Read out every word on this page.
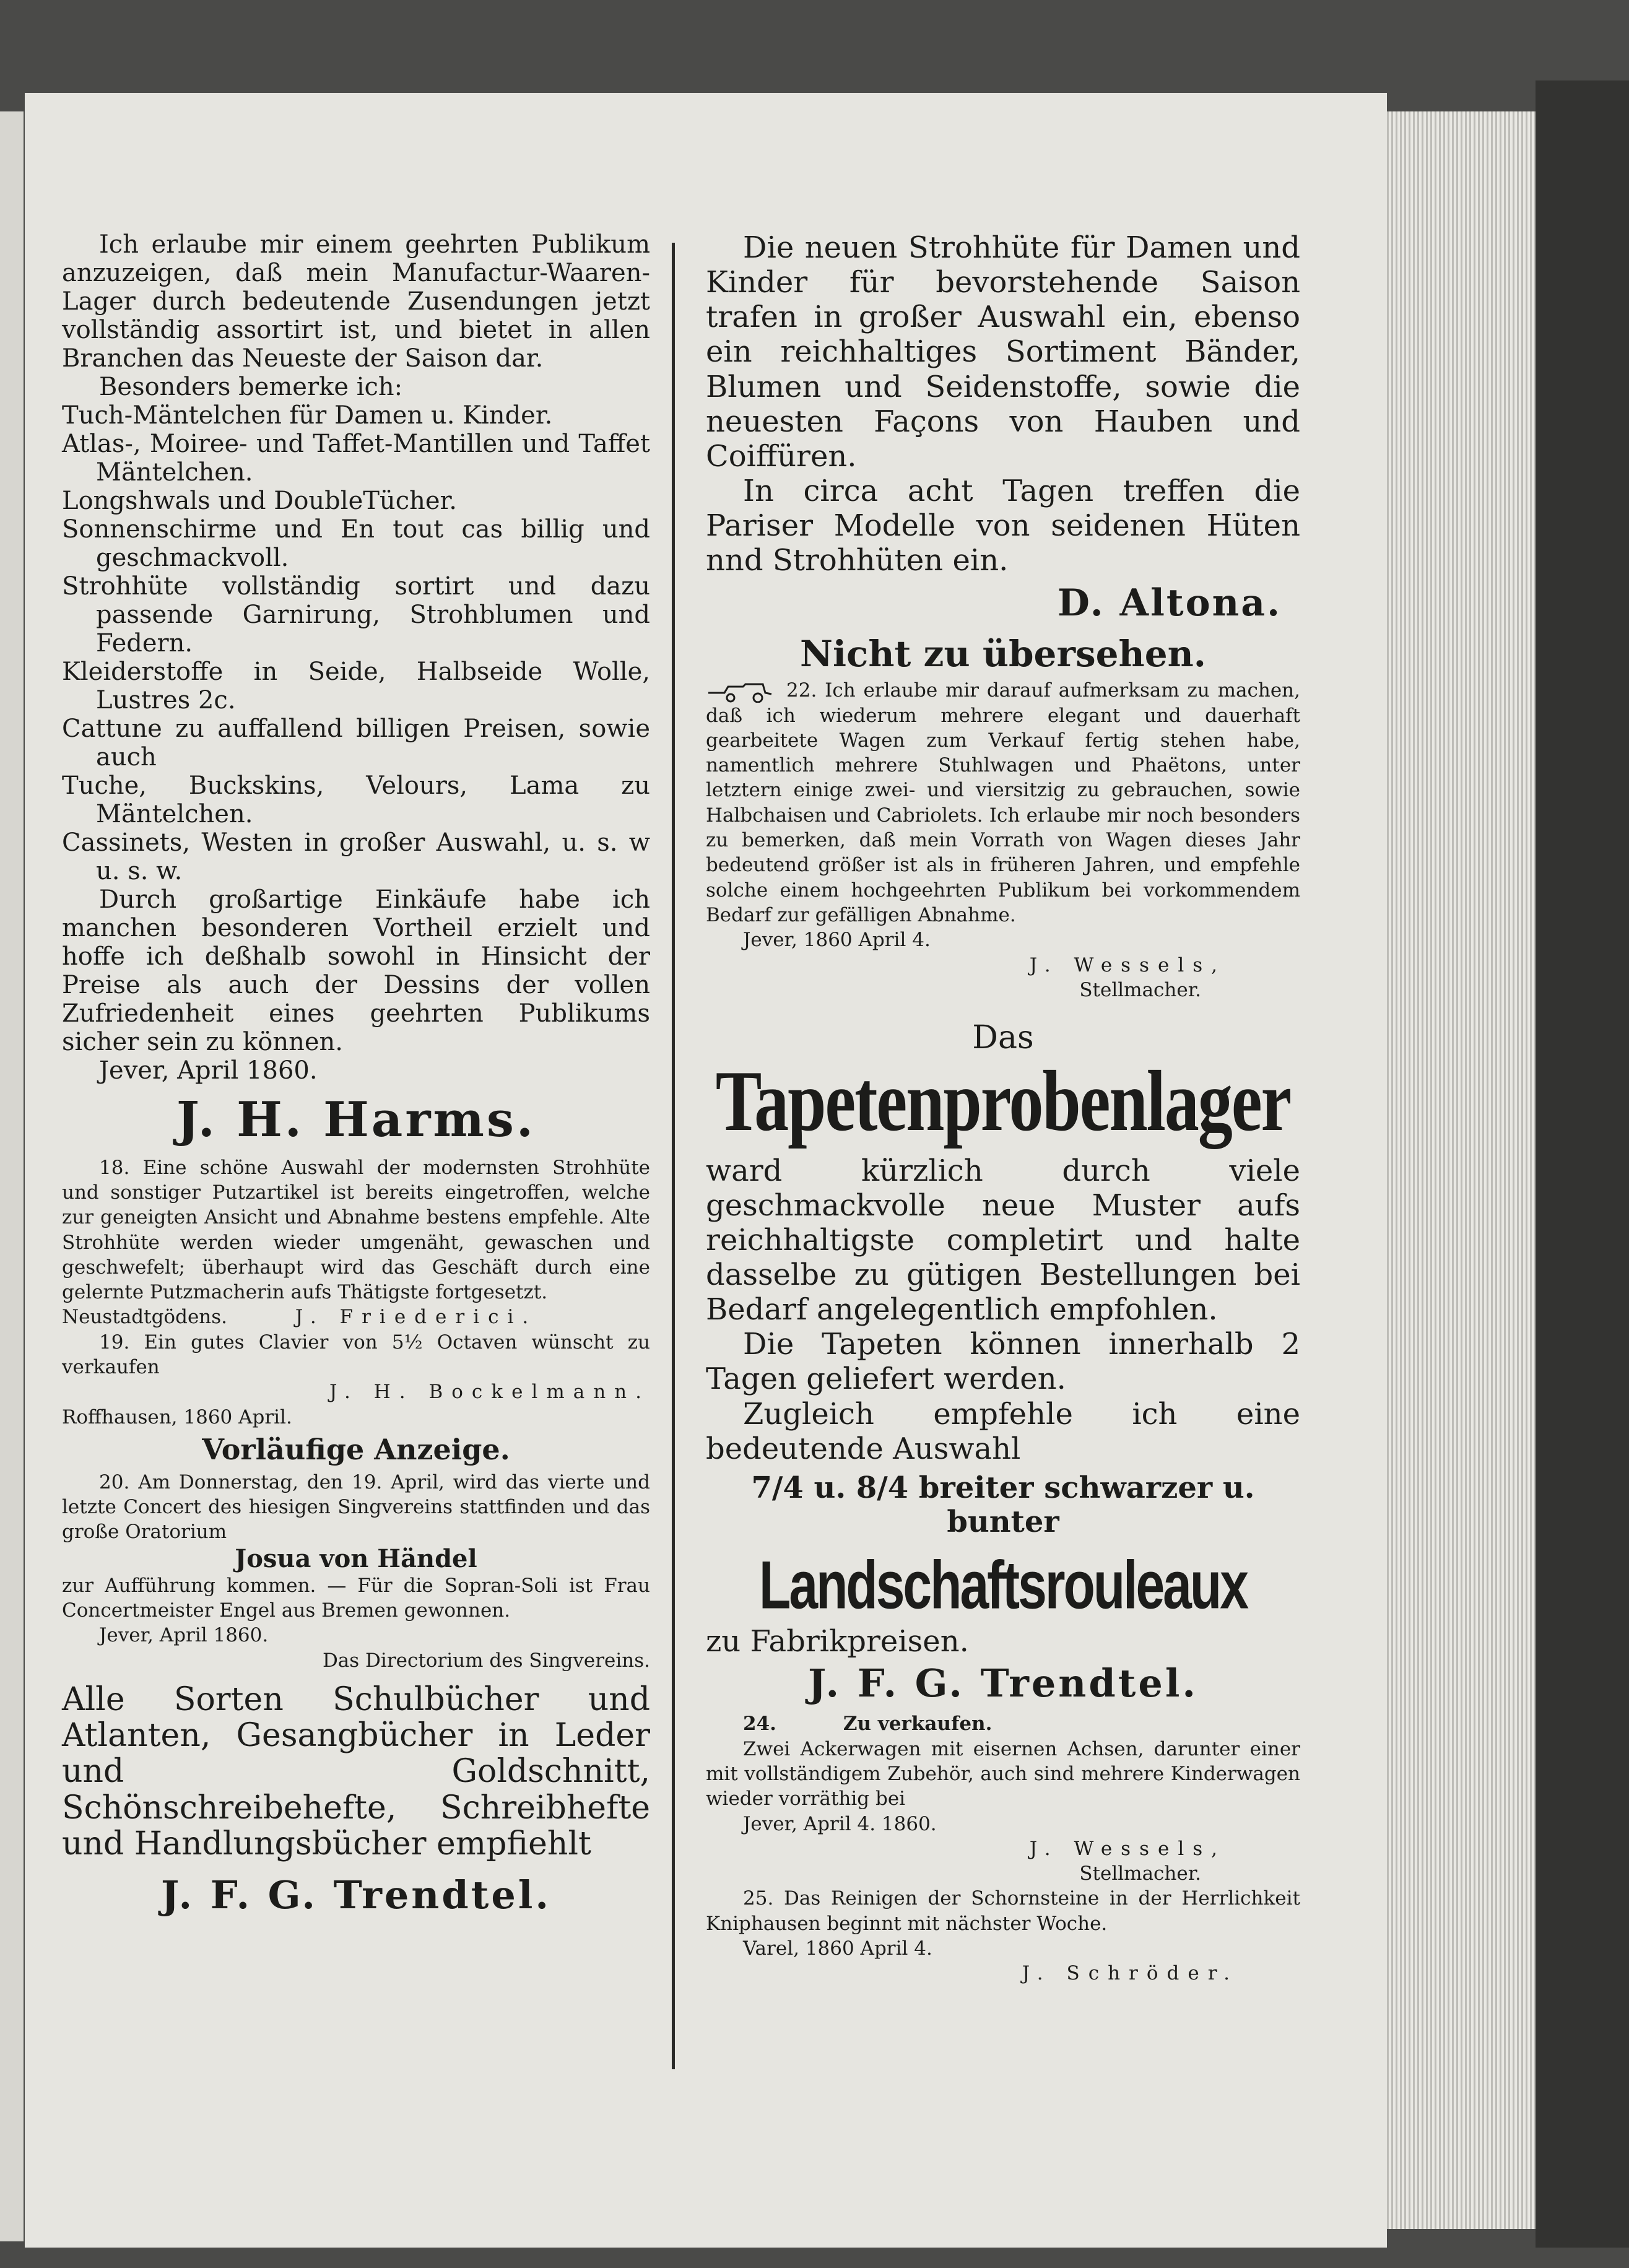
Ich erlaube mir einem geehrten Publikum anzuzeigen, daß mein Manufactur-Waaren-Lager durch bedeutende Zusendungen jetzt vollständig assortirt ist, und bietet in allen Branchen das Neueste der Saison dar.

Besonders bemerke ich:

Tuch-Mäntelchen für Damen u. Kinder.

Atlas-, Moiree- und Taffet-Mantillen und Taffet Mäntelchen.

Longshwals und DoubleTücher.

Sonnenschirme und En tout cas billig und geschmackvoll.

Strohhüte vollständig sortirt und dazu passende Garnirung, Strohblumen und Federn.

Kleiderstoffe in Seide, Halbseide Wolle, Lustres 2c.

Cattune zu auffallend billigen Preisen, sowie auch

Tuche, Buckskins, Velours, Lama zu Mäntelchen.

Cassinets, Westen in großer Auswahl, u. s. w u. s. w.

Durch großartige Einkäufe habe ich manchen besonderen Vortheil erzielt und hoffe ich deßhalb sowohl in Hinsicht der Preise als auch der Dessins der vollen Zufriedenheit eines geehrten Publikums sicher sein zu können.

Jever, April 1860.

J. H. Harms.

18. Eine schöne Auswahl der modernsten Strohhüte und sonstiger Putzartikel ist bereits eingetroffen, welche zur geneigten Ansicht und Abnahme bestens empfehle. Alte Strohhüte werden wieder umgenäht, gewaschen und geschwefelt; überhaupt wird das Geschäft durch eine gelernte Putzmacherin aufs Thätigste fortgesetzt.

Neustadtgödens.	J. Friederici.

19. Ein gutes Clavier von 5½ Octaven wünscht zu verkaufen

J. H. Bockelmann.

Roffhausen, 1860 April.

Vorläufige Anzeige.

20. Am Donnerstag, den 19. April, wird das vierte und letzte Concert des hiesigen Singvereins stattfinden und das große Oratorium

Josua von Händel

zur Aufführung kommen. — Für die Sopran-Soli ist Frau Concertmeister Engel aus Bremen gewonnen.

Jever, April 1860.

Das Directorium des Singvereins.

Alle Sorten Schulbücher und Atlanten, Gesangbücher in Leder und Goldschnitt, Schönschreibehefte, Schreibhefte und Handlungsbücher empfiehlt

J. F. G. Trendtel.

Die neuen Strohhüte für Damen und Kinder für bevorstehende Saison trafen in großer Auswahl ein, ebenso ein reichhaltiges Sortiment Bänder, Blumen und Seidenstoffe, sowie die neuesten Façons von Hauben und Coiffüren.

In circa acht Tagen treffen die Pariser Modelle von seidenen Hüten nnd Strohhüten ein.

D. Altona.

Nicht zu übersehen.

22. Ich erlaube mir darauf aufmerksam zu machen, daß ich wiederum mehrere elegant und dauerhaft gearbeitete Wagen zum Verkauf fertig stehen habe, namentlich mehrere Stuhlwagen und Phaëtons, unter letztern einige zwei- und viersitzig zu gebrauchen, sowie Halbchaisen und Cabriolets. Ich erlaube mir noch besonders zu bemerken, daß mein Vorrath von Wagen dieses Jahr bedeutend größer ist als in früheren Jahren, und empfehle solche einem hochgeehrten Publikum bei vorkommendem Bedarf zur gefälligen Abnahme.

Jever, 1860 April 4.

J. Wessels,

Stellmacher.

Das

Tapetenprobenlager

ward kürzlich durch viele geschmackvolle neue Muster aufs reichhaltigste completirt und halte dasselbe zu gütigen Bestellungen bei Bedarf angelegentlich empfohlen.

Die Tapeten können innerhalb 2 Tagen geliefert werden.

Zugleich empfehle ich eine bedeutende Auswahl

7/4 u. 8/4 breiter schwarzer u. bunter

Landschaftsrouleaux

zu Fabrikpreisen.

J. F. G. Trendtel.

24.          Zu verkaufen.

Zwei Ackerwagen mit eisernen Achsen, darunter einer mit vollständigem Zubehör, auch sind mehrere Kinderwagen wieder vorräthig bei

Jever, April 4. 1860.

J. Wessels,

Stellmacher.

25. Das Reinigen der Schornsteine in der Herrlichkeit Kniphausen beginnt mit nächster Woche.

Varel, 1860 April 4.

J. Schröder.
